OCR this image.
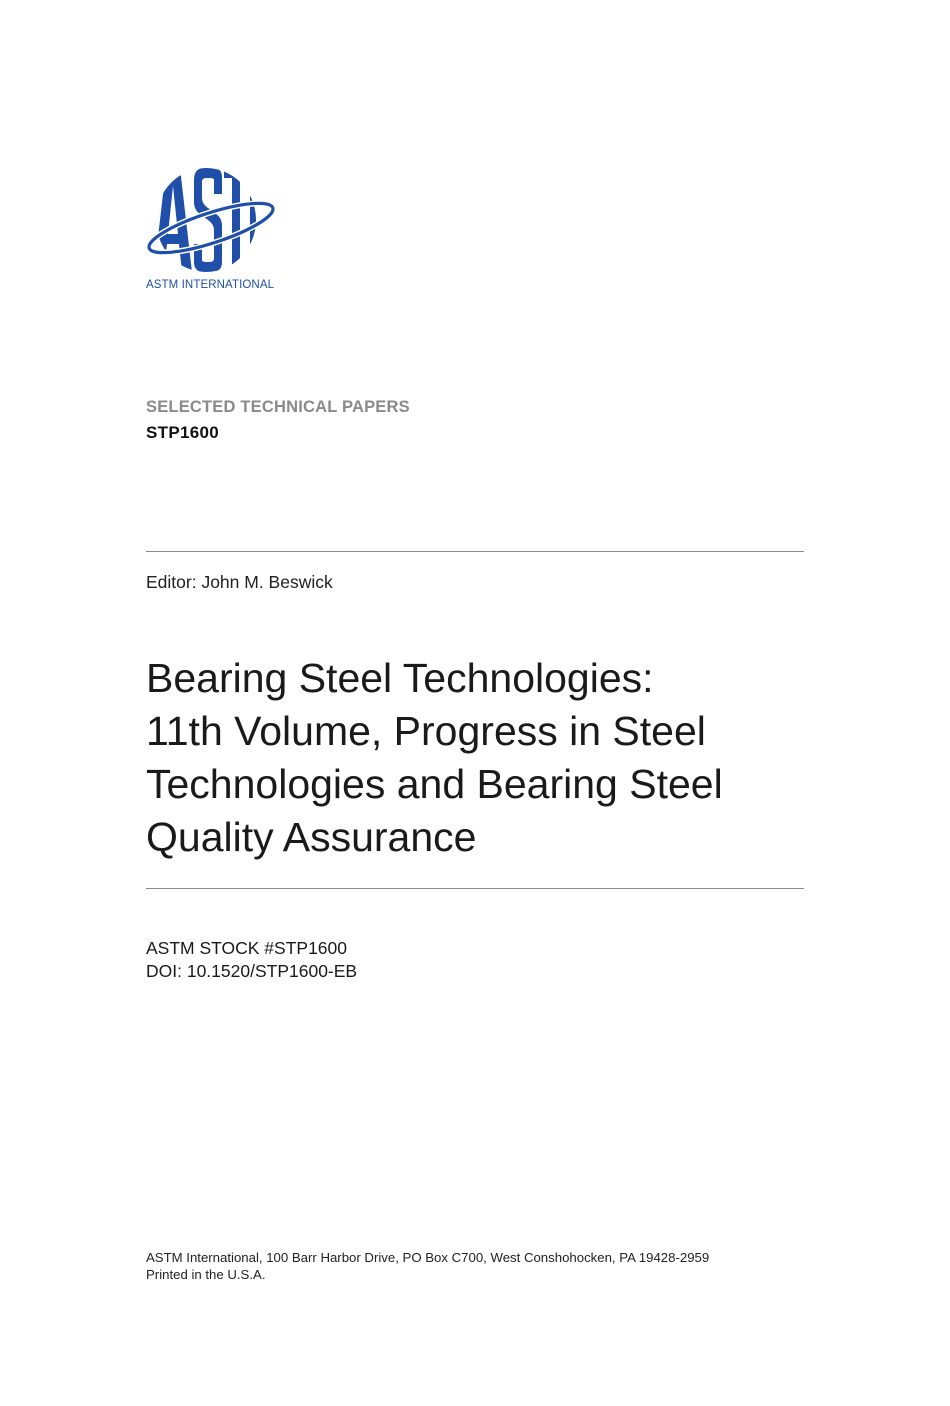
ASTM INTERNATIONAL
SELECTED TECHNICAL PAPERS
STP1600
Editor: John M. Beswick
Bearing Steel Technologies:
11th Volume, Progress in Steel
Technologies and Bearing Steel
Quality Assurance
ASTM STOCK #STP1600
DOI: 10.1520/STP1600-EB
ASTM International, 100 Barr Harbor Drive, PO Box C700, West Conshohocken, PA 19428-2959
Printed in the U.S.A.
